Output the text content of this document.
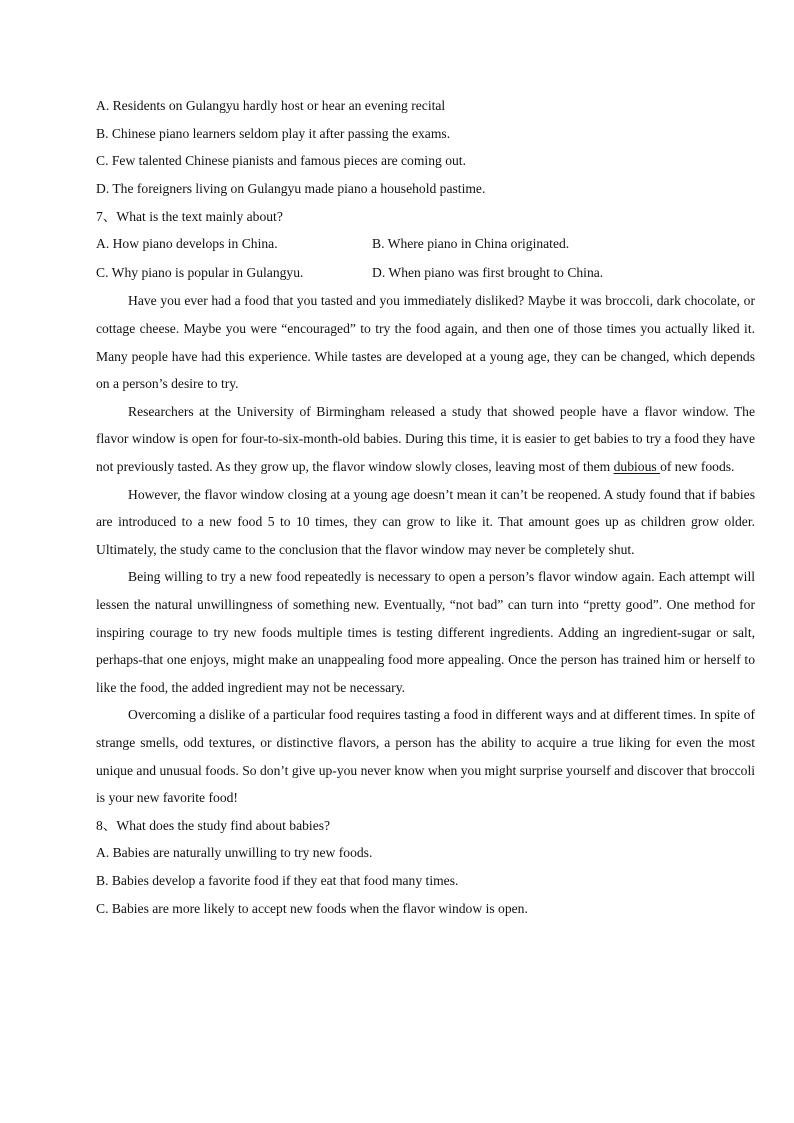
A. Residents on Gulangyu hardly host or hear an evening recital
B. Chinese piano learners seldom play it after passing the exams.
C. Few talented Chinese pianists and famous pieces are coming out.
D. The foreigners living on Gulangyu made piano a household pastime.
7、What is the text mainly about?
A. How piano develops in China.	B. Where piano in China originated.
C. Why piano is popular in Gulangyu.	D. When piano was first brought to China.

Have you ever had a food that you tasted and you immediately disliked? Maybe it was broccoli, dark chocolate, or cottage cheese. Maybe you were “encouraged” to try the food again, and then one of those times you actually liked it. Many people have had this experience. While tastes are developed at a young age, they can be changed, which depends on a person’s desire to try.

Researchers at the University of Birmingham released a study that showed people have a flavor window. The flavor window is open for four-to-six-month-old babies. During this time, it is easier to get babies to try a food they have not previously tasted. As they grow up, the flavor window slowly closes, leaving most of them dubious of new foods.

However, the flavor window closing at a young age doesn’t mean it can’t be reopened. A study found that if babies are introduced to a new food 5 to 10 times, they can grow to like it. That amount goes up as children grow older. Ultimately, the study came to the conclusion that the flavor window may never be completely shut.

Being willing to try a new food repeatedly is necessary to open a person’s flavor window again. Each attempt will lessen the natural unwillingness of something new. Eventually, “not bad” can turn into “pretty good”. One method for inspiring courage to try new foods multiple times is testing different ingredients. Adding an ingredient-sugar or salt, perhaps-that one enjoys, might make an unappealing food more appealing. Once the person has trained him or herself to like the food, the added ingredient may not be necessary.

Overcoming a dislike of a particular food requires tasting a food in different ways and at different times. In spite of strange smells, odd textures, or distinctive flavors, a person has the ability to acquire a true liking for even the most unique and unusual foods. So don’t give up-you never know when you might surprise yourself and discover that broccoli is your new favorite food!

8、What does the study find about babies?
A. Babies are naturally unwilling to try new foods.
B. Babies develop a favorite food if they eat that food many times.
C. Babies are more likely to accept new foods when the flavor window is open.
